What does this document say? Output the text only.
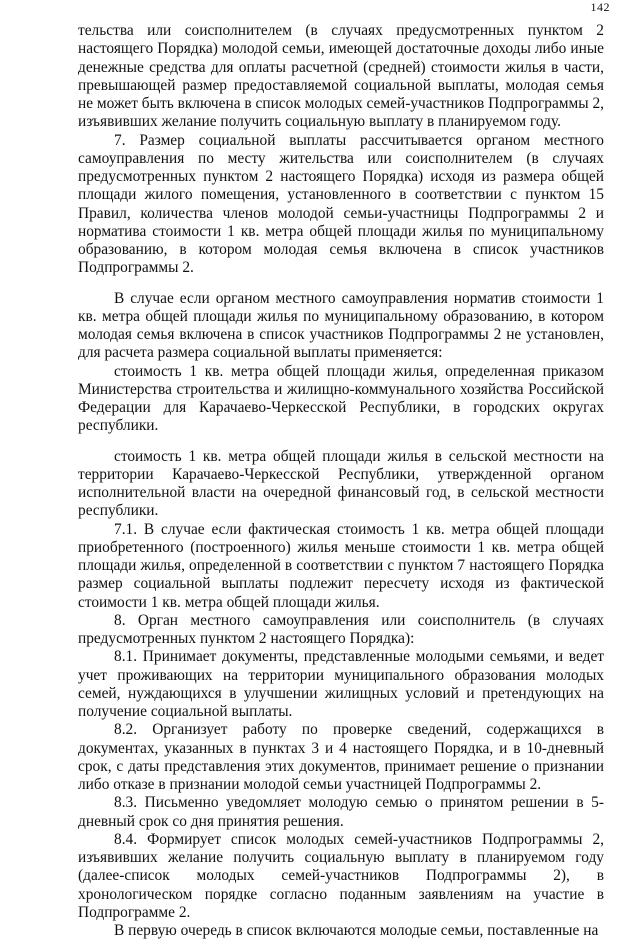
142

тельства или соисполнителем (в случаях предусмотренных пунктом 2 настоящего Порядка) молодой семьи, имеющей достаточные доходы либо иные денежные средства для оплаты расчетной (средней) стоимости жилья в части, превышающей размер предоставляемой социальной выплаты, молодая семья не может быть включена в список молодых семей-участников Подпрограммы 2, изъявивших желание получить социальную выплату в планируемом году.

7. Размер социальной выплаты рассчитывается органом местного самоуправления по месту жительства или соисполнителем (в случаях предусмотренных пунктом 2 настоящего Порядка) исходя из размера общей площади жилого помещения, установленного в соответствии с пунктом 15 Правил, количества членов молодой семьи-участницы Подпрограммы 2 и норматива стоимости 1 кв. метра общей площади жилья по муниципальному образованию, в котором молодая семья включена в список участников Подпрограммы 2.

В случае если органом местного самоуправления норматив стоимости 1 кв. метра общей площади жилья по муниципальному образованию, в котором молодая семья включена в список участников Подпрограммы 2 не установлен, для расчета размера социальной выплаты применяется:

стоимость 1 кв. метра общей площади жилья, определенная приказом Министерства строительства и жилищно-коммунального хозяйства Российской Федерации для Карачаево-Черкесской Республики, в городских округах республики.

стоимость 1 кв. метра общей площади жилья в сельской местности на территории Карачаево-Черкесской Республики, утвержденной органом исполнительной власти на очередной финансовый год, в сельской местности республики.

7.1. В случае если фактическая стоимость 1 кв. метра общей площади приобретенного (построенного) жилья меньше стоимости 1 кв. метра общей площади жилья, определенной в соответствии с пунктом 7 настоящего Порядка размер социальной выплаты подлежит пересчету исходя из фактической стоимости 1 кв. метра общей площади жилья.

8. Орган местного самоуправления или соисполнитель (в случаях предусмотренных пунктом 2 настоящего Порядка):

8.1. Принимает документы, представленные молодыми семьями, и ведет учет проживающих на территории муниципального образования молодых семей, нуждающихся в улучшении жилищных условий и претендующих на получение социальной выплаты.

8.2. Организует работу по проверке сведений, содержащихся в документах, указанных в пунктах 3 и 4 настоящего Порядка, и в 10-дневный срок, с даты представления этих документов, принимает решение о признании либо отказе в признании молодой семьи участницей Подпрограммы 2.

8.3. Письменно уведомляет молодую семью о принятом решении в 5-дневный срок со дня принятия решения.

8.4. Формирует список молодых семей-участников Подпрограммы 2, изъявивших желание получить социальную выплату в планируемом году (далее-список молодых семей-участников Подпрограммы 2), в хронологическом порядке согласно поданным заявлениям на участие в Подпрограмме 2.

В первую очередь в список включаются молодые семьи, поставленные на
